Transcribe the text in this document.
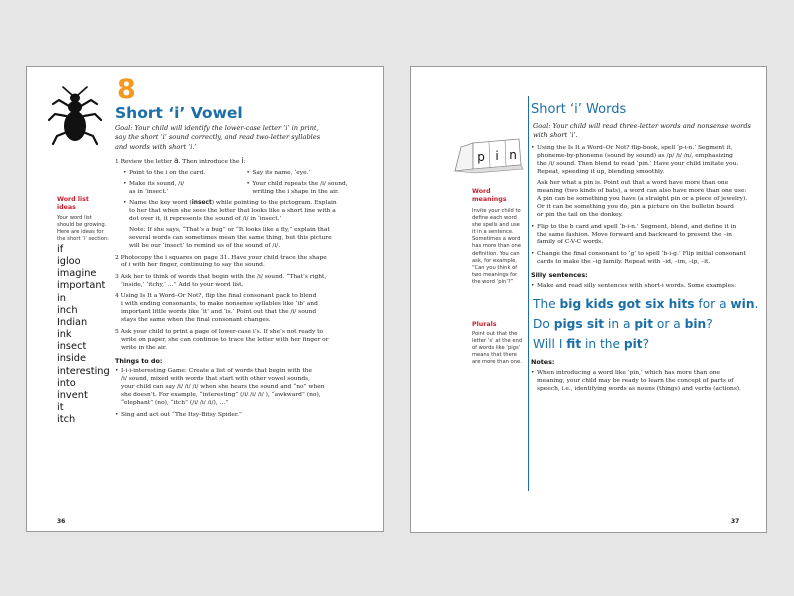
8
Short ‘i’ Vowel
Goal: Your child will identify the lower-case letter ‘i’ in print,
say the short ‘i’ sound correctly, and read two-letter syllables
and words with short ‘i.’
Word list
ideas
Your word list
should be growing.
Here are ideas for
the short ‘i’ section:
if
igloo
imagine
important
in
inch
Indian
ink
insect
inside
interesting
into
invent
it
itch
1 Review the letter a. Then introduce the i:
• Point to the i on the card.
• Make its sound, /i/
as in ‘insect.’
• Say its name, ‘eye.’
• Your child repeats the /i/ sound,
writing the i shape in the air.
• Name the key word (insect) while pointing to the pictogram. Explain
to her that when she sees the letter that looks like a short line with a
dot over it, it represents the sound of /i/ in ‘insect.’
Note: If she says, “That’s a bug” or “It looks like a fly,” explain that
several words can sometimes mean the same thing, but this picture
will be our ‘insect’ to remind us of the sound of /i/.
2 Photocopy the i squares on page 31. Have your child trace the shape
of i with her finger, continuing to say the sound.
3 Ask her to think of words that begin with the /i/ sound. “That’s right,
‘inside,’ ‘itchy,’ …” Add to your word list.
4 Using Is It a Word–Or Not?, flip the final consonant pack to blend
i with ending consonants, to make nonsense syllables like ‘ib’ and
important little words like ‘it’ and ‘is.’ Point out that the /i/ sound
stays the same when the final consonant changes.
5 Ask your child to print a page of lower-case i’s. If she’s not ready to
write on paper, she can continue to trace the letter with her finger or
write in the air.
Things to do:
• I-i-i-interesting Game: Create a list of words that begin with the
/i/ sound, mixed with words that start with other vowel sounds,
your child can say /i/ /i/ /i/ when she hears the sound and “no” when
she doesn’t. For example, “interesting” (/i/ /i/ /i/ ), “awkward” (no),
“elephant” (no), “itch” (/i/ /i/ /i/), …”
• Sing and act out “The Itsy-Bitsy Spider.”
36
Short ‘i’ Words
Goal: Your child will read three-letter words and nonsense words
with short ‘i’.
p i n
Word
meanings
Invite your child to
define each word
she spells and use
it in a sentence.
Sometimes a word
has more than one
definition. You can
ask, for example,
“Can you think of
two meanings for
the word ‘pin’?”
Plurals
Point out that the
letter ‘s’ at the end
of words like ‘pigs’
means that there
are more than one.
• Using the Is It a Word–Or Not? flip-book, spell ‘p-i-n.’ Segment it,
phoneme-by-phoneme (sound by sound) as /p/ /i/ /n/, emphasizing
the /i/ sound. Then blend to read ‘pin.’ Have your child imitate you.
Repeat, speeding it up, blending smoothly.
Ask her what a pin is. Point out that a word have more than one
meaning (two kinds of bats), a word can also have more than one use:
A pin can be something you have (a straight pin or a piece of jewelry).
Or it can be something you do, pin a picture on the bulletin board
or pin the tail on the donkey.
• Flip to the b card and spell ‘b-i-n.’ Segment, blend, and define it in
the same fashion. Move forward and backward to present the –in
family of C-V-C words.
• Change the final consonant to ‘g’ to spell ‘b-i-g.’ Flip initial consonant
cards to make the –ig family. Repeat with –id, –im, –ip, –it.
Silly sentences:
• Make and read silly sentences with short-i words. Some examples:
The big kids got six hits for a win.
Do pigs sit in a pit or a bin?
Will I fit in the pit?
Notes:
• When introducing a word like ‘pin,’ which has more than one
meaning, your child may be ready to learn the concept of parts of
speech, i.e., identifying words as nouns (things) and verbs (actions).
37
